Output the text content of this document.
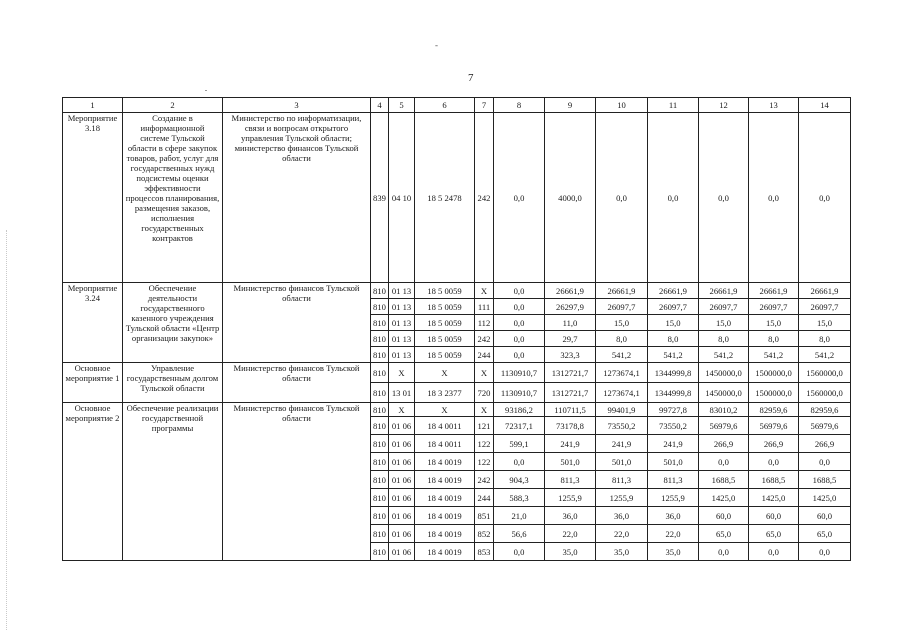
-
7
1	2	3	4	5	6	7	8	9	10	11	12	13	14
Мероприятие 3.18	Создание в информационной системе Тульской области в сфере закупок товаров, работ, услуг для государственных нужд подсистемы оценки эффективности процессов планирования, размещения заказов, исполнения государственных контрактов	Министерство по информатизации, связи и вопросам открытого управления Тульской области; министерство финансов Тульской области	839	04 10	18 5 2478	242	0,0	4000,0	0,0	0,0	0,0	0,0	0,0
Мероприятие 3.24	Обеспечение деятельности государственного казенного учреждения Тульской области «Центр организации закупок»	Министерство финансов Тульской области	810	01 13	18 5 0059	X	0,0	26661,9	26661,9	26661,9	26661,9	26661,9	26661,9
			810	01 13	18 5 0059	111	0,0	26297,9	26097,7	26097,7	26097,7	26097,7	26097,7
			810	01 13	18 5 0059	112	0,0	11,0	15,0	15,0	15,0	15,0	15,0
			810	01 13	18 5 0059	242	0,0	29,7	8,0	8,0	8,0	8,0	8,0
			810	01 13	18 5 0059	244	0,0	323,3	541,2	541,2	541,2	541,2	541,2
Основное мероприятие 1	Управление государственным долгом Тульской области	Министерство финансов Тульской области	810	X	X	X	1130910,7	1312721,7	1273674,1	1344999,8	1450000,0	1500000,0	1560000,0
			810	13 01	18 3 2377	720	1130910,7	1312721,7	1273674,1	1344999,8	1450000,0	1500000,0	1560000,0
Основное мероприятие 2	Обеспечение реализации государственной программы	Министерство финансов Тульской области	810	X	X	X	93186,2	110711,5	99401,9	99727,8	83010,2	82959,6	82959,6
			810	01 06	18 4 0011	121	72317,1	73178,8	73550,2	73550,2	56979,6	56979,6	56979,6
			810	01 06	18 4 0011	122	599,1	241,9	241,9	241,9	266,9	266,9	266,9
			810	01 06	18 4 0019	122	0,0	501,0	501,0	501,0	0,0	0,0	0,0
			810	01 06	18 4 0019	242	904,3	811,3	811,3	811,3	1688,5	1688,5	1688,5
			810	01 06	18 4 0019	244	588,3	1255,9	1255,9	1255,9	1425,0	1425,0	1425,0
			810	01 06	18 4 0019	851	21,0	36,0	36,0	36,0	60,0	60,0	60,0
			810	01 06	18 4 0019	852	56,6	22,0	22,0	22,0	65,0	65,0	65,0
			810	01 06	18 4 0019	853	0,0	35,0	35,0	35,0	0,0	0,0	0,0
